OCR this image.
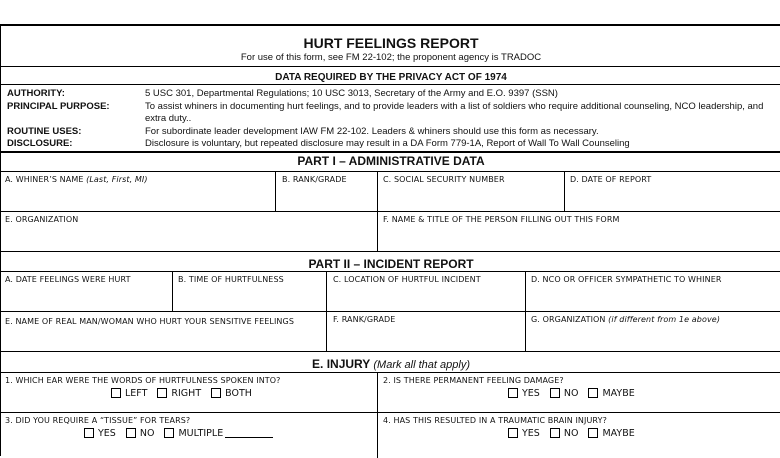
HURT FEELINGS REPORT
For use of this form, see FM 22-102; the proponent agency is TRADOC
DATA REQUIRED BY THE PRIVACY ACT OF 1974
AUTHORITY:	5 USC 301, Departmental Regulations; 10 USC 3013, Secretary of the Army and E.O. 9397 (SSN)
PRINCIPAL PURPOSE:	To assist whiners in documenting hurt feelings, and to provide leaders with a list of soldiers who require additional counseling, NCO leadership, and extra duty..
ROUTINE USES:	For subordinate leader development IAW FM 22-102. Leaders & whiners should use this form as necessary.
DISCLOSURE:	Disclosure is voluntary, but repeated disclosure may result in a DA Form 779-1A, Report of Wall To Wall Counseling
PART I – ADMINISTRATIVE DATA
A. WHINER’S NAME (Last, First, MI)	B. RANK/GRADE	C. SOCIAL SECURITY NUMBER	D. DATE OF REPORT
E. ORGANIZATION	F. NAME & TITLE OF THE PERSON FILLING OUT THIS FORM
PART II – INCIDENT REPORT
A. DATE FEELINGS WERE HURT	B. TIME OF HURTFULNESS	C. LOCATION OF HURTFUL INCIDENT	D. NCO OR OFFICER SYMPATHETIC TO WHINER
E. NAME OF REAL MAN/WOMAN WHO HURT YOUR SENSITIVE FEELINGS	F. RANK/GRADE	G. ORGANIZATION (if different from 1e above)
E. INJURY (Mark all that apply)
1. WHICH EAR WERE THE WORDS OF HURTFULNESS SPOKEN INTO?
LEFT	RIGHT	BOTH
2. IS THERE PERMANENT FEELING DAMAGE?
YES	NO	MAYBE
3. DID YOU REQUIRE A “TISSUE” FOR TEARS?
YES	NO	MULTIPLE
4. HAS THIS RESULTED IN A TRAUMATIC BRAIN INJURY?
YES	NO	MAYBE
